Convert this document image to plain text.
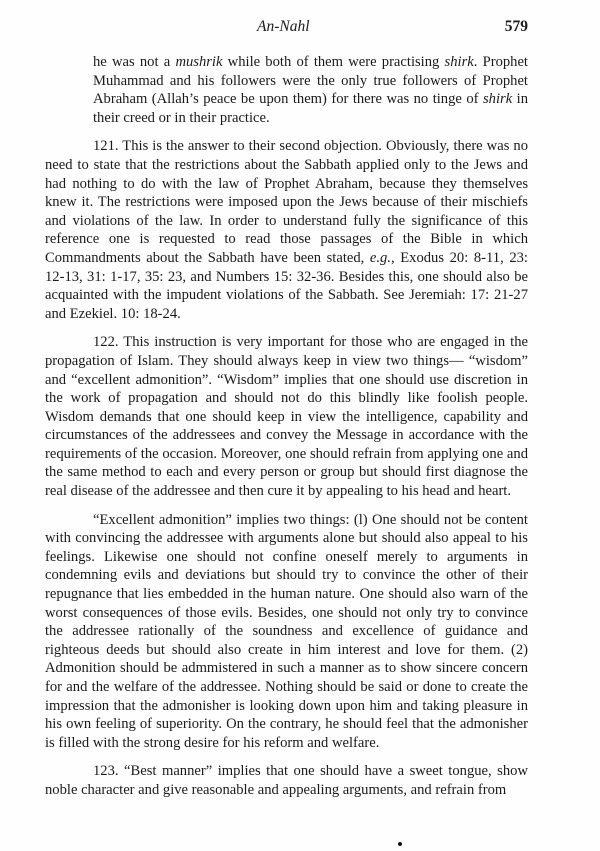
An-Nahl	579

he was not a mushrik while both of them were practising shirk. Prophet Muhammad and his followers were the only true followers of Prophet Abraham (Allah’s peace be upon them) for there was no tinge of shirk in their creed or in their practice.

121. This is the answer to their second objection. Obviously, there was no need to state that the restrictions about the Sabbath applied only to the Jews and had nothing to do with the law of Prophet Abraham, because they themselves knew it. The restrictions were imposed upon the Jews because of their mischiefs and violations of the law. In order to understand fully the significance of this reference one is requested to read those passages of the Bible in which Commandments about the Sabbath have been stated, e.g., Exodus 20: 8-11, 23: 12-13, 31: 1-17, 35: 23, and Numbers 15: 32-36. Besides this, one should also be acquainted with the impudent violations of the Sabbath. See Jeremiah: 17: 21-27 and Ezekiel. 10: 18-24.

122. This instruction is very important for those who are engaged in the propagation of Islam. They should always keep in view two things— “wisdom” and “excellent admonition”. “Wisdom” implies that one should use discretion in the work of propagation and should not do this blindly like foolish people. Wisdom demands that one should keep in view the intelligence, capability and circumstances of the addressees and convey the Message in accordance with the requirements of the occasion. Moreover, one should refrain from applying one and the same method to each and every person or group but should first diagnose the real disease of the addressee and then cure it by appealing to his head and heart.

“Excellent admonition” implies two things: (l) One should not be content with convincing the addressee with arguments alone but should also appeal to his feelings. Likewise one should not confine oneself merely to arguments in condemning evils and deviations but should try to convince the other of their repugnance that lies embedded in the human nature. One should also warn of the worst consequences of those evils. Besides, one should not only try to convince the addressee rationally of the soundness and excellence of guidance and righteous deeds but should also create in him interest and love for them. (2) Admonition should be admmistered in such a manner as to show sincere concern for and the welfare of the addressee. Nothing should be said or done to create the impression that the admonisher is looking down upon him and taking pleasure in his own feeling of superiority. On the contrary, he should feel that the admonisher is filled with the strong desire for his reform and welfare.

123. “Best manner” implies that one should have a sweet tongue, show noble character and give reasonable and appealing arguments, and refrain from
